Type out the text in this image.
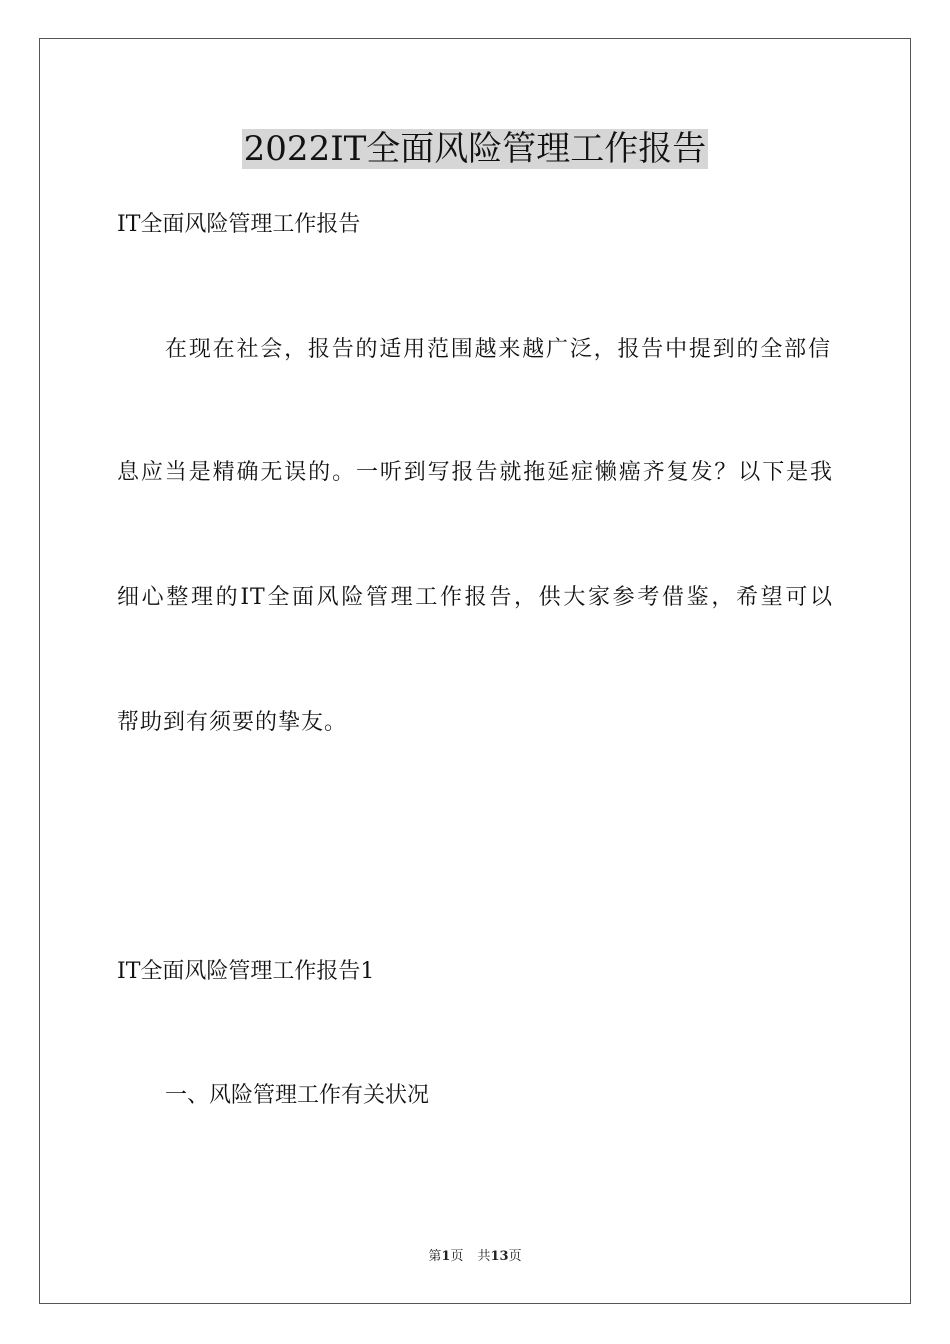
2022IT全面风险管理工作报告

IT全面风险管理工作报告

在现在社会，报告的适用范围越来越广泛，报告中提到的全部信

息应当是精确无误的。一听到写报告就拖延症懒癌齐复发？以下是我

细心整理的IT全面风险管理工作报告，供大家参考借鉴，希望可以

帮助到有须要的挚友。

IT全面风险管理工作报告1

一、风险管理工作有关状况

第1页 共13页
